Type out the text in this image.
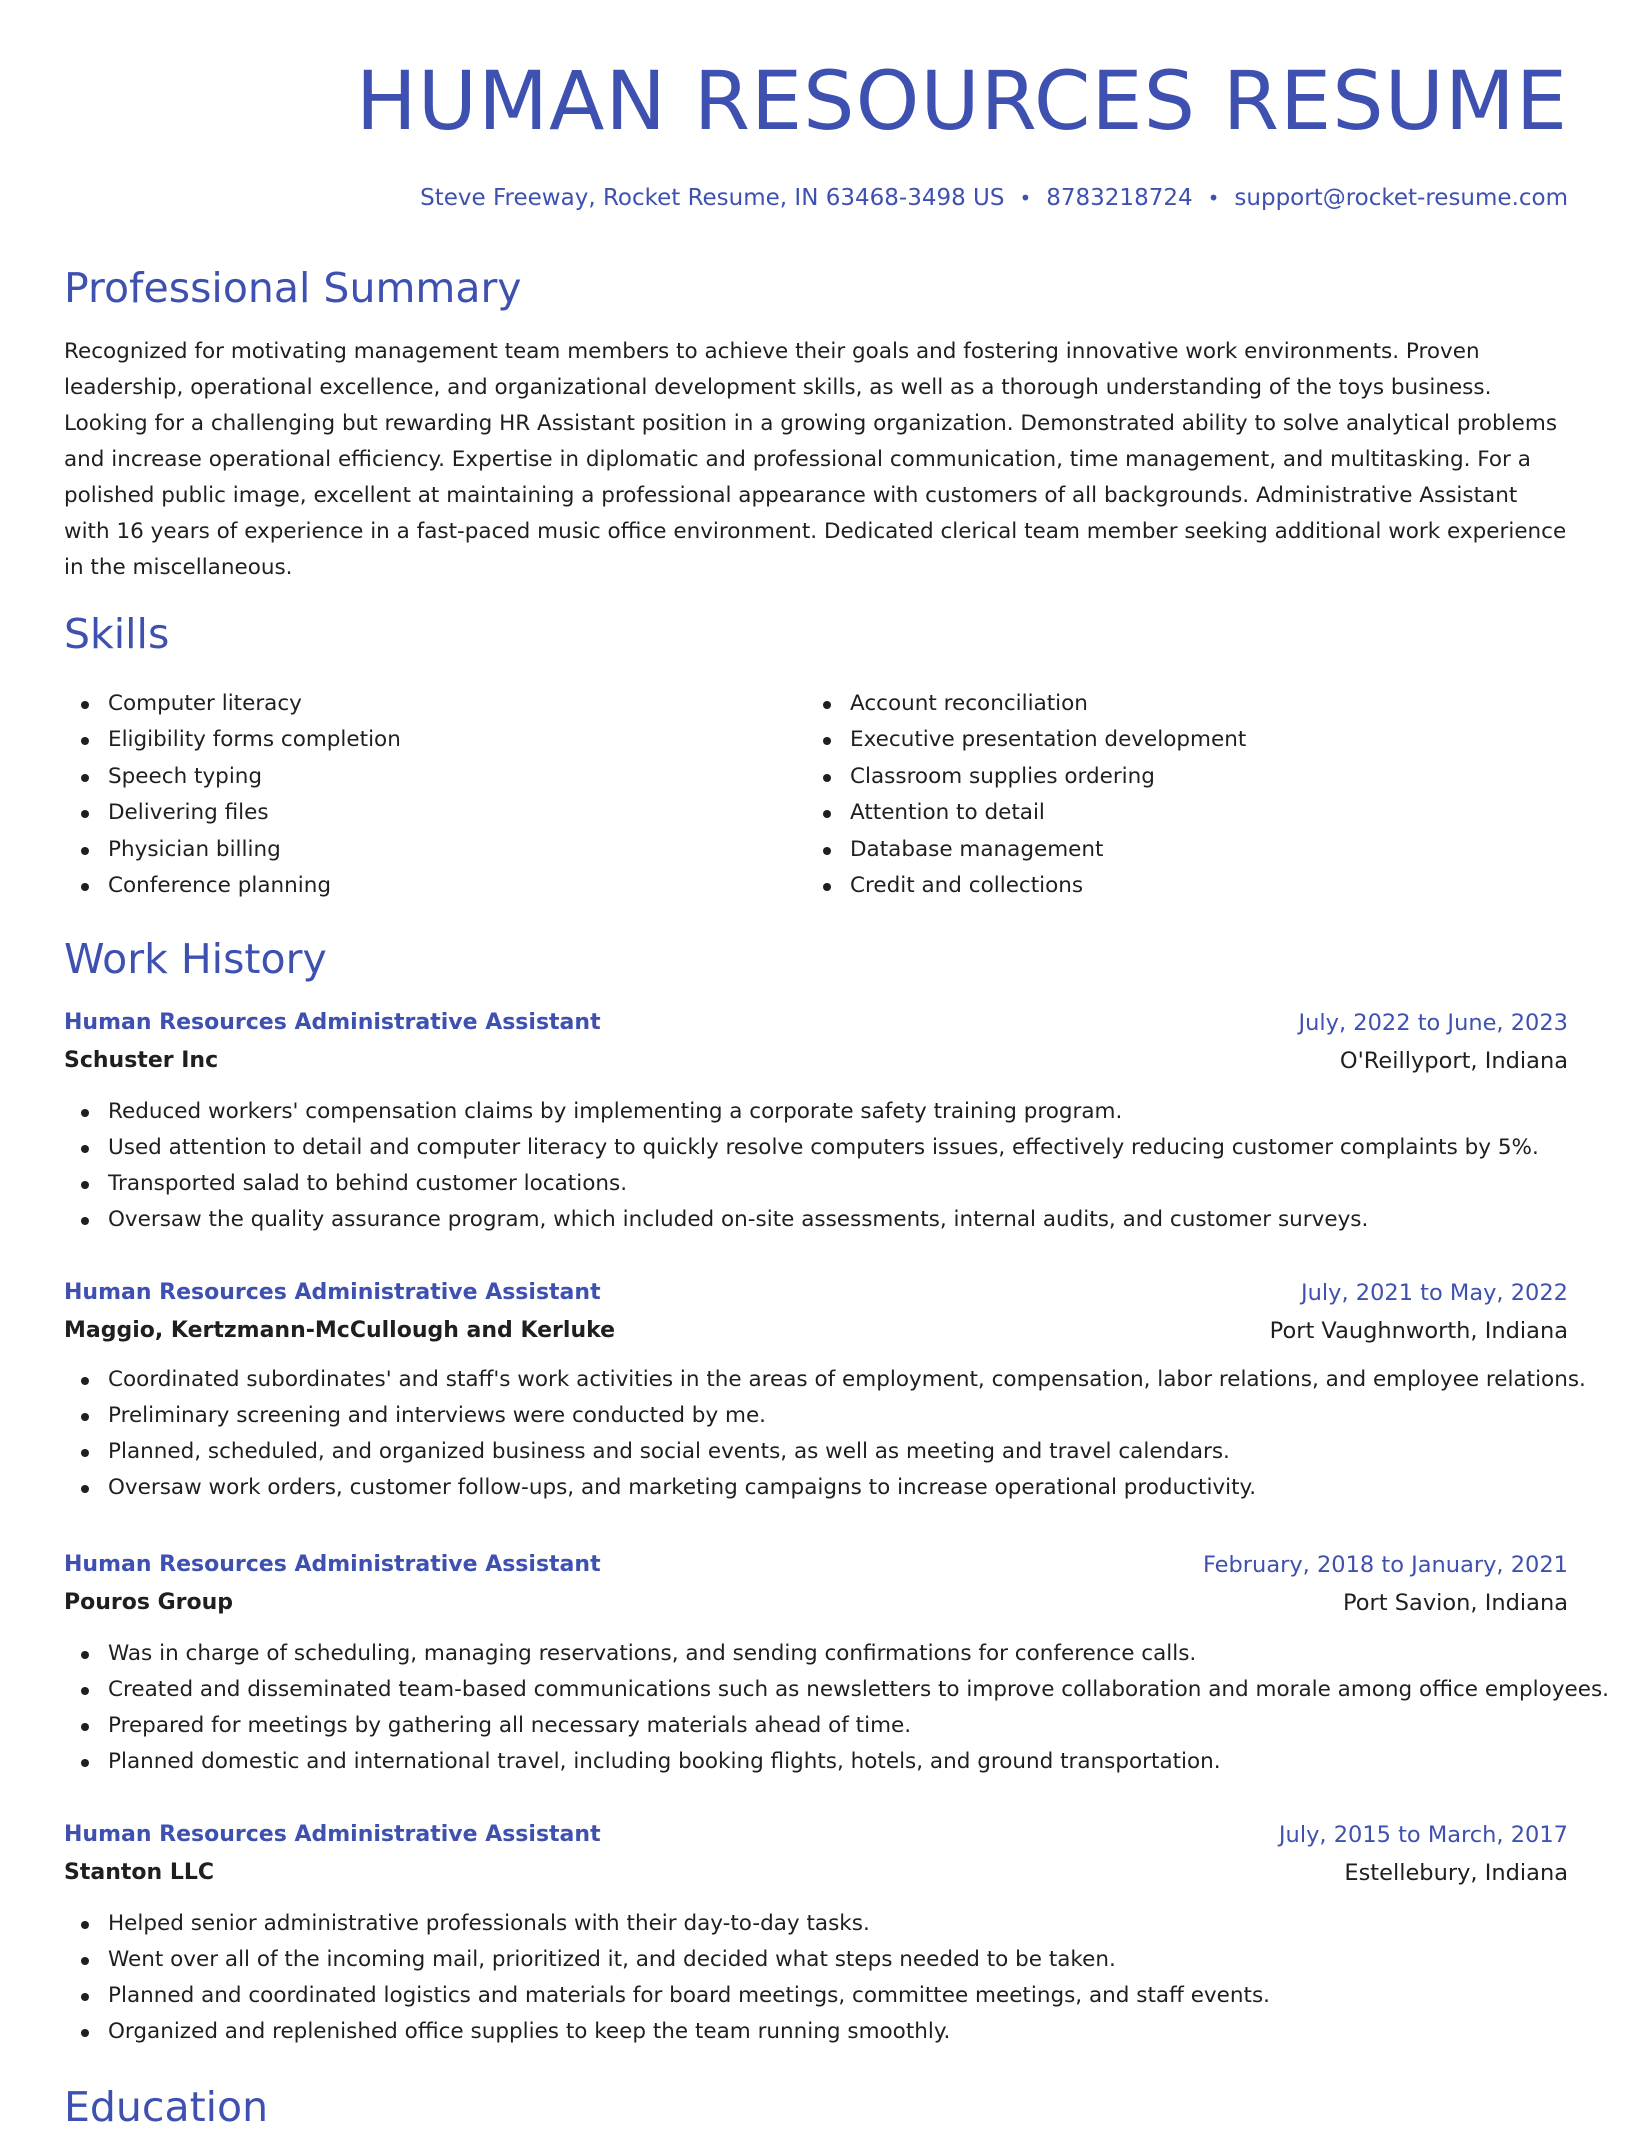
HUMAN RESOURCES RESUME
Steve Freeway, Rocket Resume, IN 63468-3498 US • 8783218724 • support@rocket-resume.com
Professional Summary

Recognized for motivating management team members to achieve their goals and fostering innovative work environments. Proven leadership, operational excellence, and organizational development skills, as well as a thorough understanding of the toys business. Looking for a challenging but rewarding HR Assistant position in a growing organization. Demonstrated ability to solve analytical problems and increase operational efficiency. Expertise in diplomatic and professional communication, time management, and multitasking. For a polished public image, excellent at maintaining a professional appearance with customers of all backgrounds. Administrative Assistant with 16 years of experience in a fast-paced music office environment. Dedicated clerical team member seeking additional work experience in the miscellaneous.

Skills
Computer literacy
Eligibility forms completion
Speech typing
Delivering files
Physician billing
Conference planning
Account reconciliation
Executive presentation development
Classroom supplies ordering
Attention to detail
Database management
Credit and collections
Work History
Human Resources Administrative Assistant	July, 2022 to June, 2023
Schuster Inc	O'Reillyport, Indiana
Reduced workers' compensation claims by implementing a corporate safety training program.
Used attention to detail and computer literacy to quickly resolve computers issues, effectively reducing customer complaints by 5%.
Transported salad to behind customer locations.
Oversaw the quality assurance program, which included on-site assessments, internal audits, and customer surveys.
Human Resources Administrative Assistant	July, 2021 to May, 2022
Maggio, Kertzmann-McCullough and Kerluke	Port Vaughnworth, Indiana
Coordinated subordinates' and staff's work activities in the areas of employment, compensation, labor relations, and employee relations.
Preliminary screening and interviews were conducted by me.
Planned, scheduled, and organized business and social events, as well as meeting and travel calendars.
Oversaw work orders, customer follow-ups, and marketing campaigns to increase operational productivity.
Human Resources Administrative Assistant	February, 2018 to January, 2021
Pouros Group	Port Savion, Indiana
Was in charge of scheduling, managing reservations, and sending confirmations for conference calls.
Created and disseminated team-based communications such as newsletters to improve collaboration and morale among office employees.
Prepared for meetings by gathering all necessary materials ahead of time.
Planned domestic and international travel, including booking flights, hotels, and ground transportation.
Human Resources Administrative Assistant	July, 2015 to March, 2017
Stanton LLC	Estellebury, Indiana
Helped senior administrative professionals with their day-to-day tasks.
Went over all of the incoming mail, prioritized it, and decided what steps needed to be taken.
Planned and coordinated logistics and materials for board meetings, committee meetings, and staff events.
Organized and replenished office supplies to keep the team running smoothly.
Education
